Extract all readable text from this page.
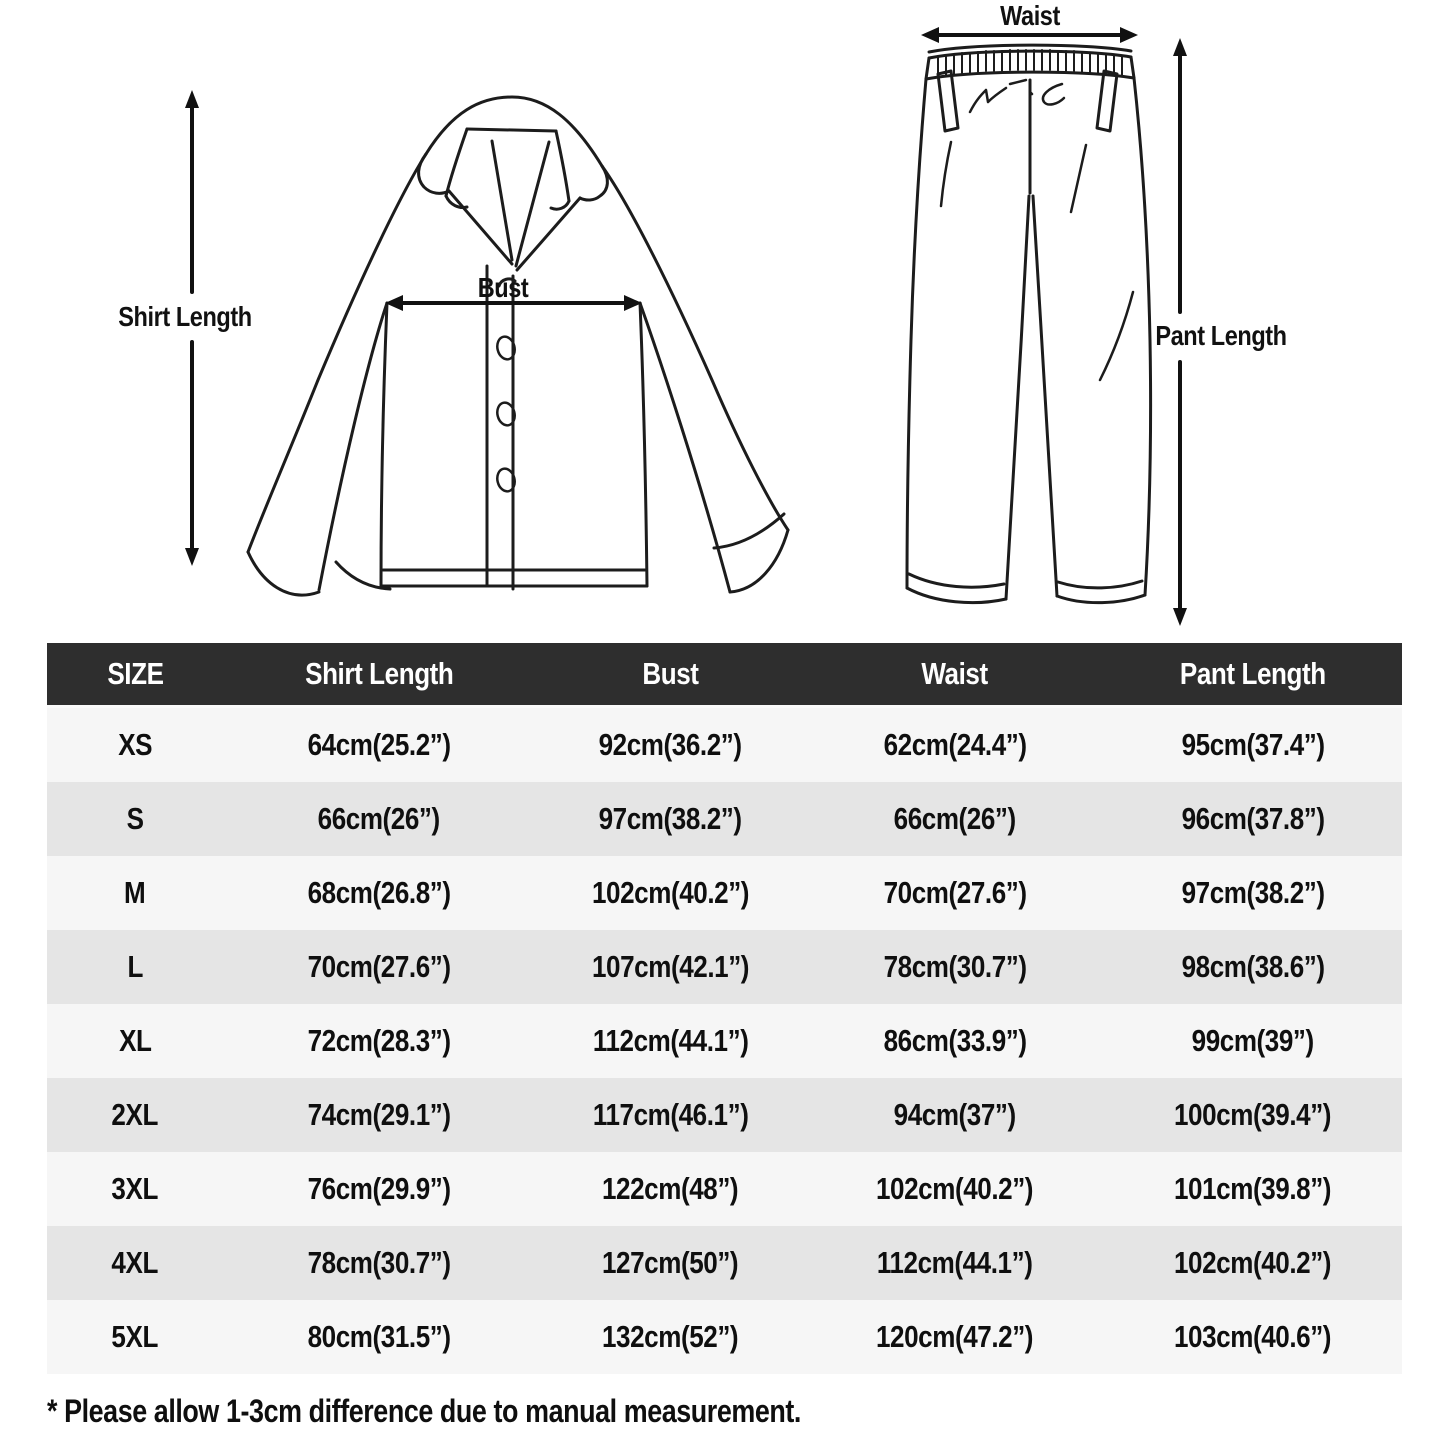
Shirt Length
Bust
Waist
Pant Length
SIZE	Shirt Length	Bust	Waist	Pant Length
XS	64cm(25.2”)	92cm(36.2”)	62cm(24.4”)	95cm(37.4”)
S	66cm(26”)	97cm(38.2”)	66cm(26”)	96cm(37.8”)
M	68cm(26.8”)	102cm(40.2”)	70cm(27.6”)	97cm(38.2”)
L	70cm(27.6”)	107cm(42.1”)	78cm(30.7”)	98cm(38.6”)
XL	72cm(28.3”)	112cm(44.1”)	86cm(33.9”)	99cm(39”)
2XL	74cm(29.1”)	117cm(46.1”)	94cm(37”)	100cm(39.4”)
3XL	76cm(29.9”)	122cm(48”)	102cm(40.2”)	101cm(39.8”)
4XL	78cm(30.7”)	127cm(50”)	112cm(44.1”)	102cm(40.2”)
5XL	80cm(31.5”)	132cm(52”)	120cm(47.2”)	103cm(40.6”)
* Please allow 1-3cm difference due to manual measurement.
